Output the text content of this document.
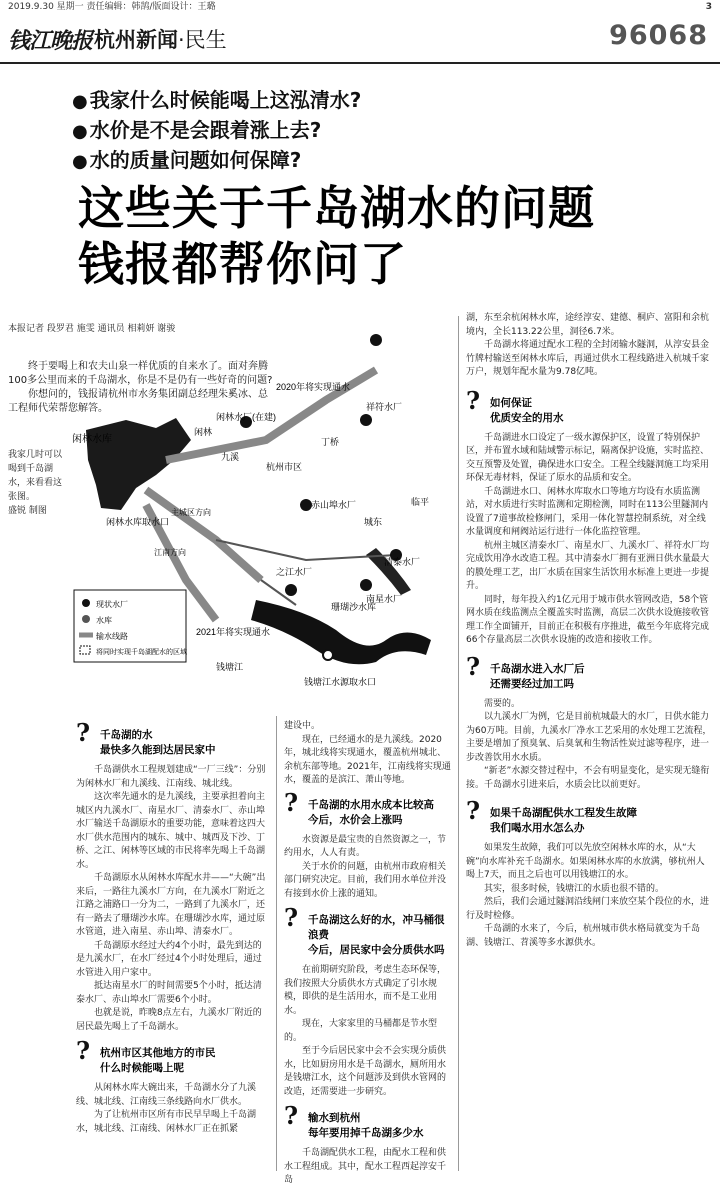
2019.9.30 星期一 责任编辑：韩鹄/版面设计：王璐	3
钱江晚报 杭州新闻·民生	96068
● 我家什么时候能喝上这泓清水?
● 水价是不是会跟着涨上去?
● 水的质量问题如何保障?
这些关于千岛湖水的问题
钱报都帮你问了
本报记者 段罗君 施雯 通讯员 相莉妍 谢骏

终于要喝上和农夫山泉一样优质的自来水了。面对奔腾100多公里而来的千岛湖水，你是不是仍有一些好奇的问题?

你想问的，钱报请杭州市水务集团副总经理朱奚冰、总工程师代荣帮您解答。

我家几时可以喝到千岛湖水，来看看这张图。
盛锐 制图
闲林水库
闲林水库取水口
闲林水厂(在建)
闲林
2020年将实现通水
祥符水厂
九溪
丁桥
赤山埠水厂
城东
清泰水厂
南星水厂
之江水厂
2021年将实现通水
钱塘江
珊瑚沙水库
钱塘江水源取水口
临平
杭州市区
主城区方向
江南方向
现状水厂
水库
输水线路
将同时实现千岛湖配水的区域
? 千岛湖的水
最快多久能到达居民家中

千岛湖供水工程规划建成“一厂三线”：分别为闲林水厂和九溪线、江南线、城北线。

这次率先通水的是九溪线，主要承担着向主城区内九溪水厂、南星水厂、清泰水厂、赤山埠水厂输送千岛湖原水的重要功能，意味着这四大水厂供水范围内的城东、城中、城西及下沙、丁桥、之江、闲林等区域的市民将率先喝上千岛湖水。

千岛湖原水从闲林水库配水井——“大碗”出来后，一路往九溪水厂方向，在九溪水厂附近之江路之浦路口一分为二，一路到了九溪水厂，还有一路去了珊瑚沙水库。在珊瑚沙水库，通过原水管道，进入南星、赤山埠、清泰水厂。

千岛湖原水经过大约4个小时，最先到达的是九溪水厂，在水厂经过4个小时处理后，通过水管进入用户家中。

抵达南星水厂的时间需要5个小时，抵达清泰水厂、赤山埠水厂需要6个小时。

也就是说，昨晚8点左右，九溪水厂附近的居民最先喝上了千岛湖水。

? 杭州市区其他地方的市民
什么时候能喝上呢

从闲林水库大碗出来，千岛湖水分了九溪线、城北线、江南线三条线路向水厂供水。

为了让杭州市区所有市民早早喝上千岛湖水，城北线、江南线、闲林水厂正在抓紧

建设中。

现在，已经通水的是九溪线。2020年，城北线将实现通水，覆盖杭州城北、余杭东部等地。2021年，江南线将实现通水，覆盖的是滨江、萧山等地。

? 千岛湖的水用水成本比较高
今后，水价会上涨吗

水资源是最宝贵的自然资源之一，节约用水，人人有责。

关于水价的问题，由杭州市政府相关部门研究决定。目前，我们用水单位并没有接到水价上涨的通知。

? 千岛湖这么好的水，冲马桶很浪费
今后，居民家中会分质供水吗

在前期研究阶段，考虑生态环保等，我们按照大分质供水方式确定了引水规模，即供的是生活用水，而不是工业用水。

现在，大家家里的马桶都是节水型的。

至于今后居民家中会不会实现分质供水，比如厨房用水是千岛湖水，厕所用水是钱塘江水，这个问题涉及到供水管网的改造，还需要进一步研究。

? 输水到杭州
每年要用掉千岛湖多少水

千岛湖配供水工程，由配水工程和供水工程组成。其中，配水工程西起淳安千岛

湖，东至余杭闲林水库，途经淳安、建德、桐庐、富阳和余杭境内，全长113.22公里，洞径6.7米。

千岛湖水将通过配水工程的全封闭输水隧洞，从淳安县金竹牌村输送至闲林水库后，再通过供水工程线路进入杭城千家万户，规划年配水量为9.78亿吨。

? 如何保证
优质安全的用水

千岛湖进水口设定了一级水源保护区，设置了特别保护区，并布置水域和陆域警示标记，隔离保护设施，实时监控、交互预警及处置，确保进水口安全。工程全线隧洞施工均采用环保无毒材料，保证了原水的品质和安全。

千岛湖进水口、闲林水库取水口等地方均设有水质监测站，对水质进行实时监测和定期检测，同时在113公里隧洞内设置了7道事故检修闸门，采用一体化智慧控制系统，对全线水量调度和闸阀站运行进行一体化监控管理。

杭州主城区清泰水厂、南星水厂、九溪水厂、祥符水厂均完成饮用净水改造工程。其中清泰水厂拥有亚洲日供水量最大的膜处理工艺，出厂水质在国家生活饮用水标准上更进一步提升。

同时，每年投入约1亿元用于城市供水管网改造，58个管网水质在线监测点全覆盖实时监测，高层二次供水设施接收管理工作全面铺开，目前正在积极有序推进，截至今年底将完成66个存量高层二次供水设施的改造和接收工作。

? 千岛湖水进入水厂后
还需要经过加工吗

需要的。

以九溪水厂为例，它是目前杭城最大的水厂，日供水能力为60万吨。目前，九溪水厂净水工艺采用的水处理工艺流程，主要是增加了预臭氧、后臭氧和生物活性炭过滤等程序，进一步改善饮用水水质。

“新老”水源交替过程中，不会有明显变化，是实现无缝衔接。千岛湖水引进来后，水质会比以前更好。

? 如果千岛湖配供水工程发生故障
我们喝水用水怎么办

如果发生故障，我们可以先放空闲林水库的水，从“大碗”向水库补充千岛湖水。如果闲林水库的水放满，够杭州人喝上7天，而且之后也可以用钱塘江的水。

其实，很多时候，钱塘江的水质也很不错的。

然后，我们会通过隧洞沿线闸门来放空某个段位的水，进行及时检修。

千岛湖的水来了，今后，杭州城市供水格局就变为千岛湖、钱塘江、苕溪等多水源供水。
